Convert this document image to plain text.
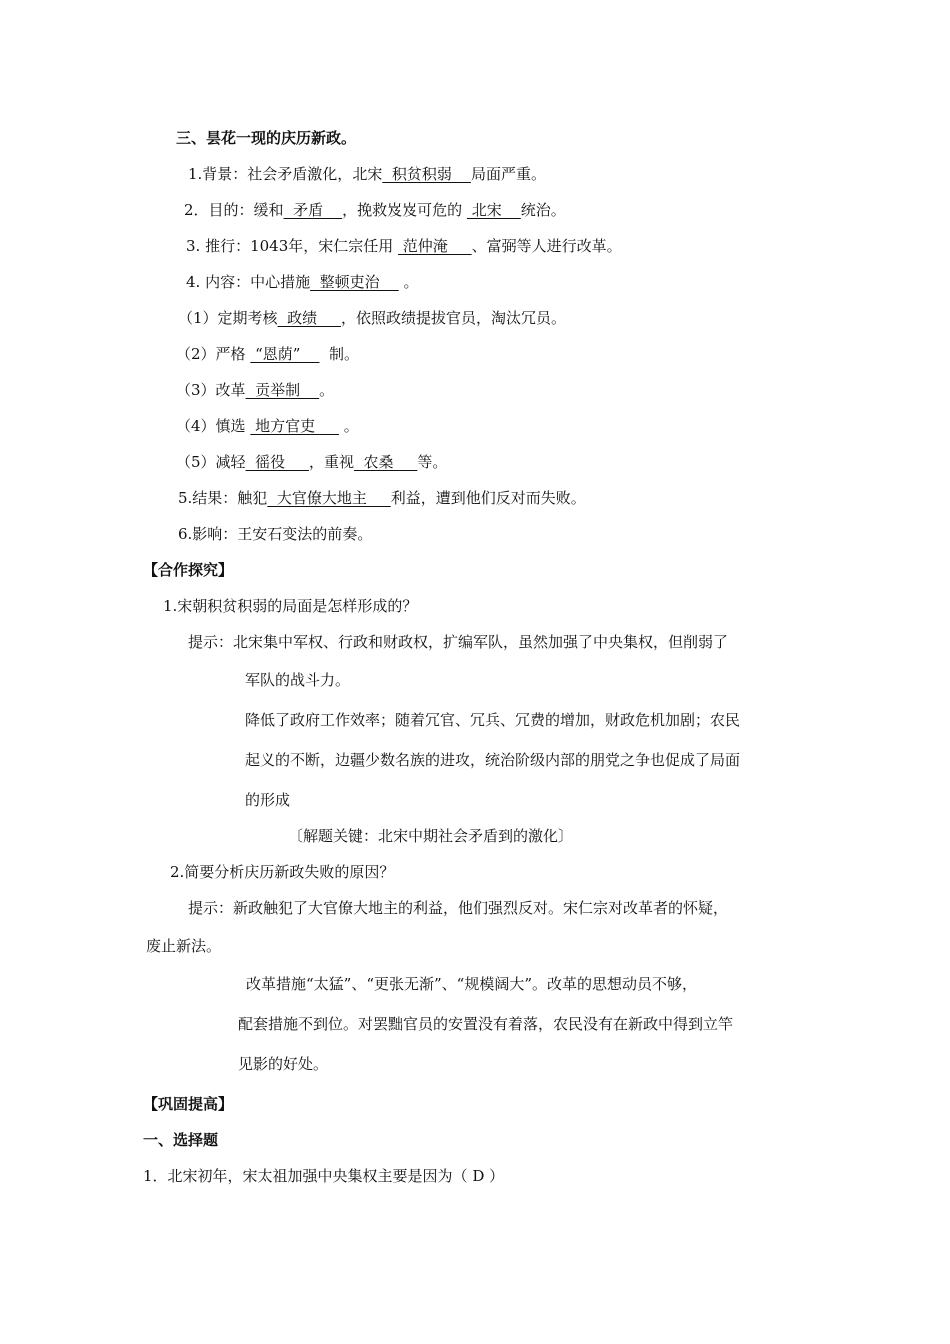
三、昙花一现的庆历新政。
1.背景：社会矛盾激化，北宋  积贫积弱    局面严重。
2．目的：缓和  矛盾    ，挽救岌岌可危的  北宋    统治。
3. 推行：1043年，宋仁宗任用  范仲淹     、富弼等人进行改革。
4. 内容：中心措施  整顿吏治     。
（1）定期考核  政绩     ，依照政绩提拔官员，淘汰冗员。
（2）严格  “恩荫”      制。
（3）改革  贡举制    。
（4）慎选  地方官吏      。
（5）减轻  徭役     ，重视  农桑     等。
5.结果：触犯  大官僚大地主     利益，遭到他们反对而失败。
6.影响：王安石变法的前奏。
【合作探究】
1.宋朝积贫积弱的局面是怎样形成的？
提示：北宋集中军权、行政和财政权，扩编军队，虽然加强了中央集权，但削弱了
军队的战斗力。
降低了政府工作效率；随着冗官、冗兵、冗费的增加，财政危机加剧；农民
起义的不断，边疆少数名族的进攻，统治阶级内部的朋党之争也促成了局面
的形成
〔解题关键：北宋中期社会矛盾到的激化〕
2.简要分析庆历新政失败的原因？
提示：新政触犯了大官僚大地主的利益，他们强烈反对。宋仁宗对改革者的怀疑，
废止新法。
改革措施“太猛”、“更张无渐”、“规模阔大”。改革的思想动员不够，
配套措施不到位。对罢黜官员的安置没有着落，农民没有在新政中得到立竿
见影的好处。
【巩固提高】
一、选择题
1．北宋初年，宋太祖加强中央集权主要是因为（ D ）
